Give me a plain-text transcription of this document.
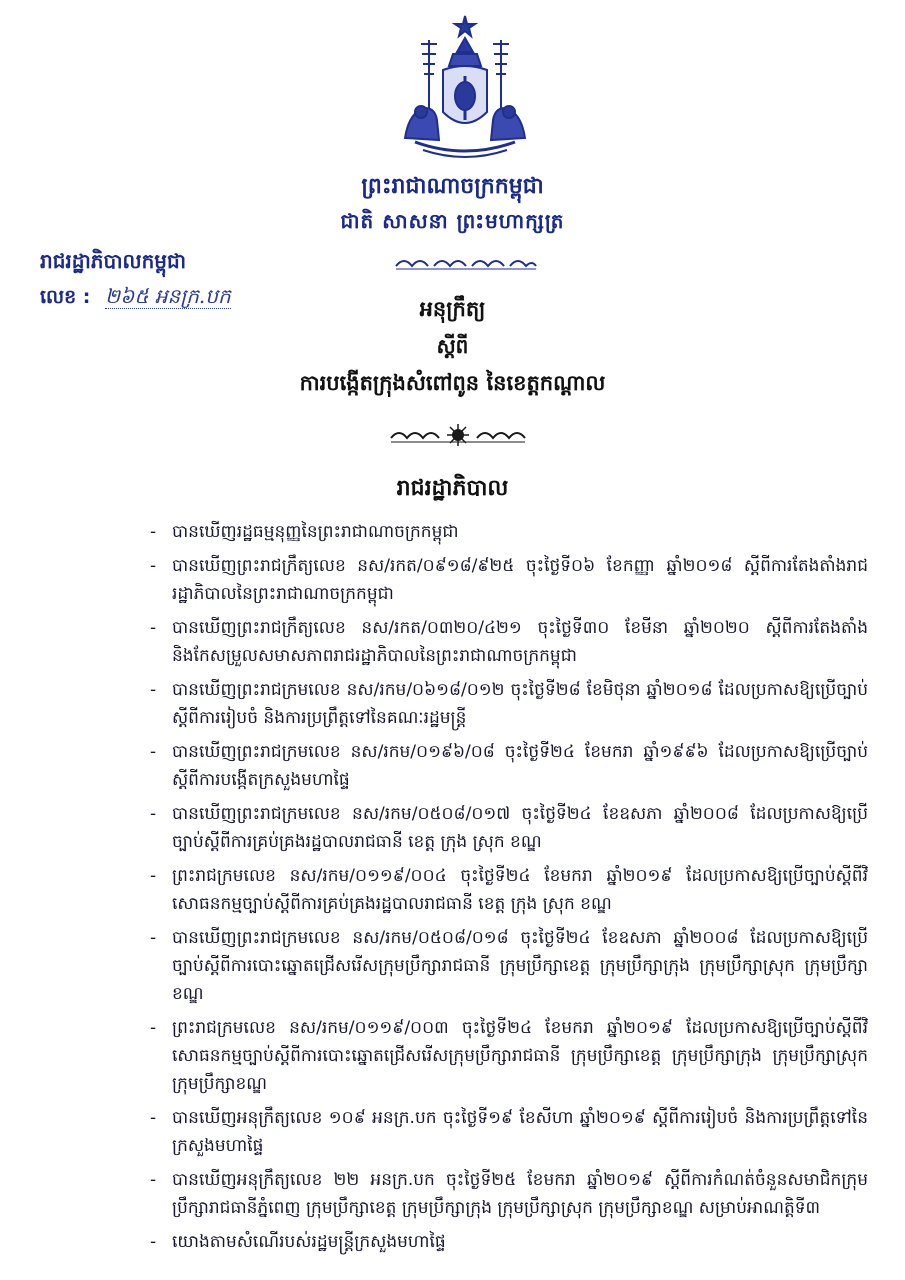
ព្រះរាជាណាចក្រកម្ពុជា
ជាតិ សាសនា ព្រះមហាក្សត្រ
រាជរដ្ឋាភិបាលកម្ពុជា
លេខ : ២៦៥ អនក្រ.បក
អនុក្រឹត្យ
ស្តីពី
ការបង្កើតក្រុងសំពៅពូន នៃខេត្តកណ្តាល
រាជរដ្ឋាភិបាល
- បានឃើញរដ្ឋធម្មនុញ្ញនៃព្រះរាជាណាចក្រកម្ពុជា
- បានឃើញព្រះរាជក្រឹត្យលេខ នស/រកត/០៩១៨/៩២៥ ចុះថ្ងៃទី០៦ ខែកញ្ញា ឆ្នាំ២០១៨ ស្តីពីការតែងតាំងរាជរដ្ឋាភិបាលនៃព្រះរាជាណាចក្រកម្ពុជា
- បានឃើញព្រះរាជក្រឹត្យលេខ នស/រកត/០៣២០/៤២១ ចុះថ្ងៃទី៣០ ខែមីនា ឆ្នាំ២០២០ ស្តីពីការតែងតាំង និងកែសម្រួលសមាសភាពរាជរដ្ឋាភិបាលនៃព្រះរាជាណាចក្រកម្ពុជា
- បានឃើញព្រះរាជក្រមលេខ នស/រកម/០៦១៨/០១២ ចុះថ្ងៃទី២៨ ខែមិថុនា ឆ្នាំ២០១៨ ដែលប្រកាសឱ្យប្រើច្បាប់ស្តីពីការរៀបចំ និងការប្រព្រឹត្តទៅនៃគណៈរដ្ឋមន្ត្រី
- បានឃើញព្រះរាជក្រមលេខ នស/រកម/០១៩៦/០៨ ចុះថ្ងៃទី២៤ ខែមករា ឆ្នាំ១៩៩៦ ដែលប្រកាសឱ្យប្រើច្បាប់ស្តីពីការបង្កើតក្រសួងមហាផ្ទៃ
- បានឃើញព្រះរាជក្រមលេខ នស/រកម/០៥០៨/០១៧ ចុះថ្ងៃទី២៤ ខែឧសភា ឆ្នាំ២០០៨ ដែលប្រកាសឱ្យប្រើច្បាប់ស្តីពីការគ្រប់គ្រងរដ្ឋបាលរាជធានី ខេត្ត ក្រុង ស្រុក ខណ្ឌ
- ព្រះរាជក្រមលេខ នស/រកម/០១១៩/០០៤ ចុះថ្ងៃទី២៤ ខែមករា ឆ្នាំ២០១៩ ដែលប្រកាសឱ្យប្រើច្បាប់ស្តីពីវិសោធនកម្មច្បាប់ស្តីពីការគ្រប់គ្រងរដ្ឋបាលរាជធានី ខេត្ត ក្រុង ស្រុក ខណ្ឌ
- បានឃើញព្រះរាជក្រមលេខ នស/រកម/០៥០៨/០១៨ ចុះថ្ងៃទី២៤ ខែឧសភា ឆ្នាំ២០០៨ ដែលប្រកាសឱ្យប្រើច្បាប់ស្តីពីការបោះឆ្នោតជ្រើសរើសក្រុមប្រឹក្សារាជធានី ក្រុមប្រឹក្សាខេត្ត ក្រុមប្រឹក្សាក្រុង ក្រុមប្រឹក្សាស្រុក ក្រុមប្រឹក្សាខណ្ឌ
- ព្រះរាជក្រមលេខ នស/រកម/០១១៩/០០៣ ចុះថ្ងៃទី២៤ ខែមករា ឆ្នាំ២០១៩ ដែលប្រកាសឱ្យប្រើច្បាប់ស្តីពីវិសោធនកម្មច្បាប់ស្តីពីការបោះឆ្នោតជ្រើសរើសក្រុមប្រឹក្សារាជធានី ក្រុមប្រឹក្សាខេត្ត ក្រុមប្រឹក្សាក្រុង ក្រុមប្រឹក្សាស្រុក ក្រុមប្រឹក្សាខណ្ឌ
- បានឃើញអនុក្រឹត្យលេខ ១០៩ អនក្រ.បក ចុះថ្ងៃទី១៩ ខែសីហា ឆ្នាំ២០១៩ ស្តីពីការរៀបចំ និងការប្រព្រឹត្តទៅនៃក្រសួងមហាផ្ទៃ
- បានឃើញអនុក្រឹត្យលេខ ២២ អនក្រ.បក ចុះថ្ងៃទី២៥ ខែមករា ឆ្នាំ២០១៩ ស្តីពីការកំណត់ចំនួនសមាជិកក្រុមប្រឹក្សារាជធានីភ្នំពេញ ក្រុមប្រឹក្សាខេត្ត ក្រុមប្រឹក្សាក្រុង ក្រុមប្រឹក្សាស្រុក ក្រុមប្រឹក្សាខណ្ឌ សម្រាប់អាណត្តិទី៣
- យោងតាមសំណើរបស់រដ្ឋមន្ត្រីក្រសួងមហាផ្ទៃ
